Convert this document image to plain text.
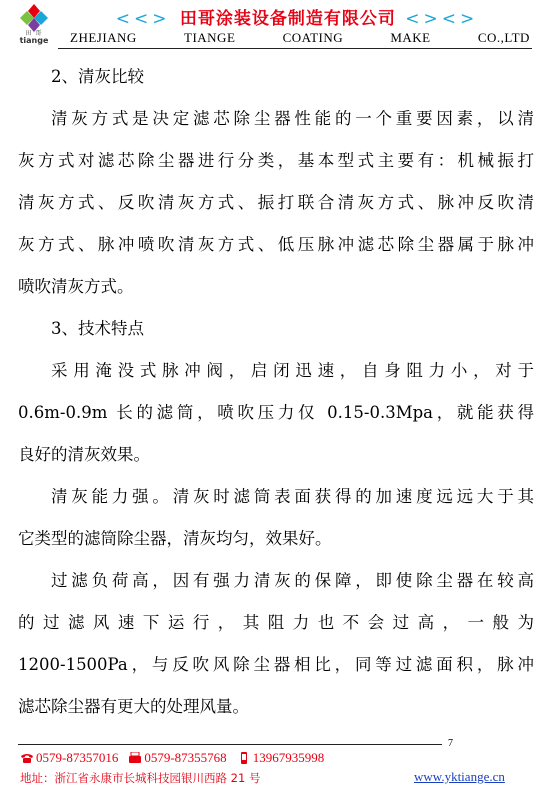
田 哥
tiange
<<> 田哥涂装设备制造有限公司 <><>
ZHEJIANG	TIANGE	COATING	MAKE	CO.,LTD
2、清灰比较
清灰方式是决定滤芯除尘器性能的一个重要因素，以清
灰方式对滤芯除尘器进行分类，基本型式主要有：机械振打
清灰方式、反吹清灰方式、振打联合清灰方式、脉冲反吹清
灰方式、脉冲喷吹清灰方式、低压脉冲滤芯除尘器属于脉冲
喷吹清灰方式。
3、技术特点
采用淹没式脉冲阀，启闭迅速，自身阻力小，对于
0.6m-0.9m 长的滤筒，喷吹压力仅 0.15-0.3Mpa，就能获得
良好的清灰效果。
清灰能力强。清灰时滤筒表面获得的加速度远远大于其
它类型的滤筒除尘器，清灰均匀，效果好。
过滤负荷高，因有强力清灰的保障，即使除尘器在较高
的过滤风速下运行，其阻力也不会过高，一般为
1200-1500Pa，与反吹风除尘器相比，同等过滤面积，脉冲
滤芯除尘器有更大的处理风量。
7
0579-87357016 0579-87355768 13967935998
地址：浙江省永康市长城科技园银川西路 21 号	www.yktiange.cn
